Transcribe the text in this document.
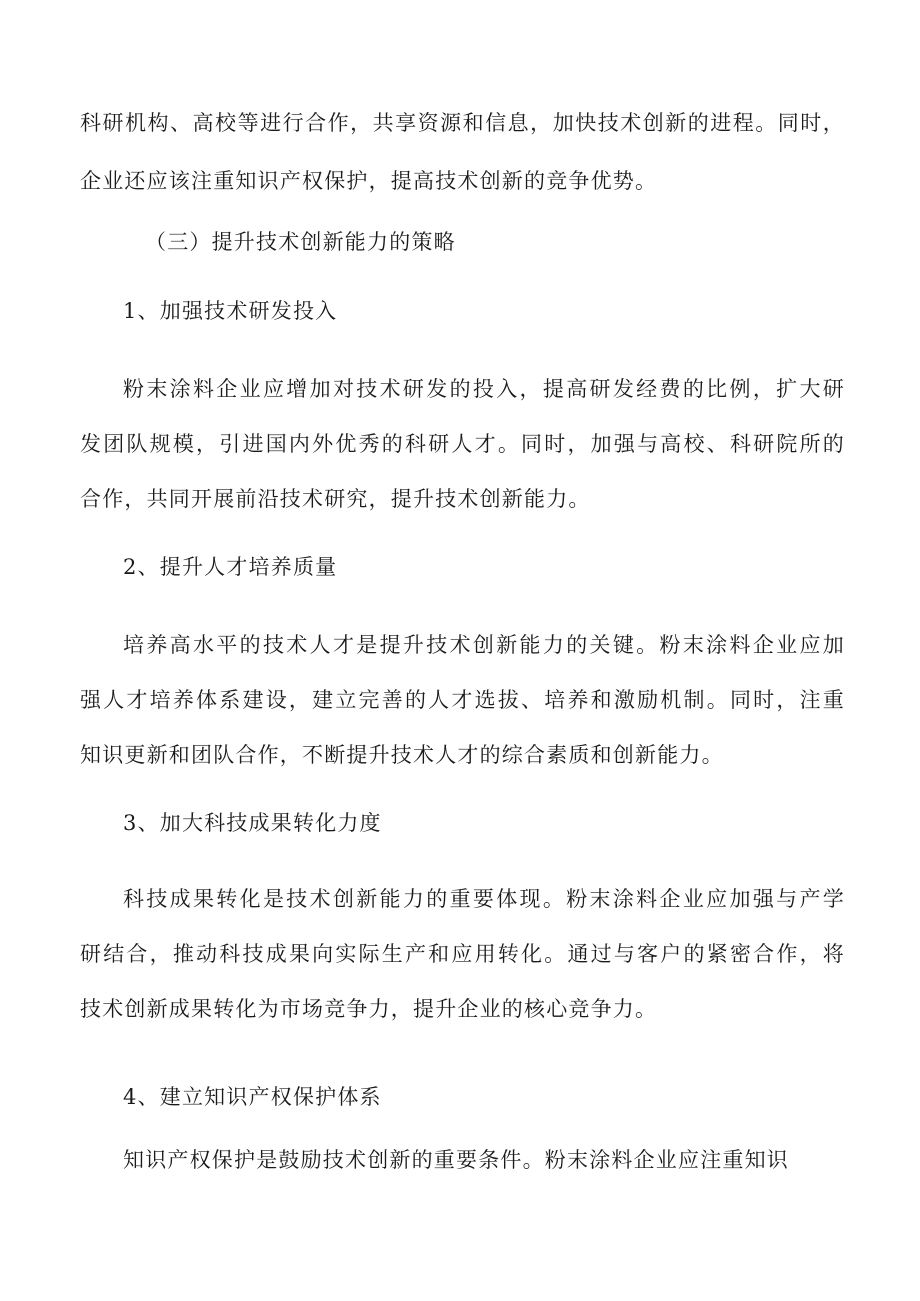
科研机构、高校等进行合作，共享资源和信息，加快技术创新的进程。同时，
企业还应该注重知识产权保护，提高技术创新的竞争优势。
（三）提升技术创新能力的策略
1、加强技术研发投入
粉末涂料企业应增加对技术研发的投入，提高研发经费的比例，扩大研
发团队规模，引进国内外优秀的科研人才。同时，加强与高校、科研院所的
合作，共同开展前沿技术研究，提升技术创新能力。
2、提升人才培养质量
培养高水平的技术人才是提升技术创新能力的关键。粉末涂料企业应加
强人才培养体系建设，建立完善的人才选拔、培养和激励机制。同时，注重
知识更新和团队合作，不断提升技术人才的综合素质和创新能力。
3、加大科技成果转化力度
科技成果转化是技术创新能力的重要体现。粉末涂料企业应加强与产学
研结合，推动科技成果向实际生产和应用转化。通过与客户的紧密合作，将
技术创新成果转化为市场竞争力，提升企业的核心竞争力。
4、建立知识产权保护体系
知识产权保护是鼓励技术创新的重要条件。粉末涂料企业应注重知识
